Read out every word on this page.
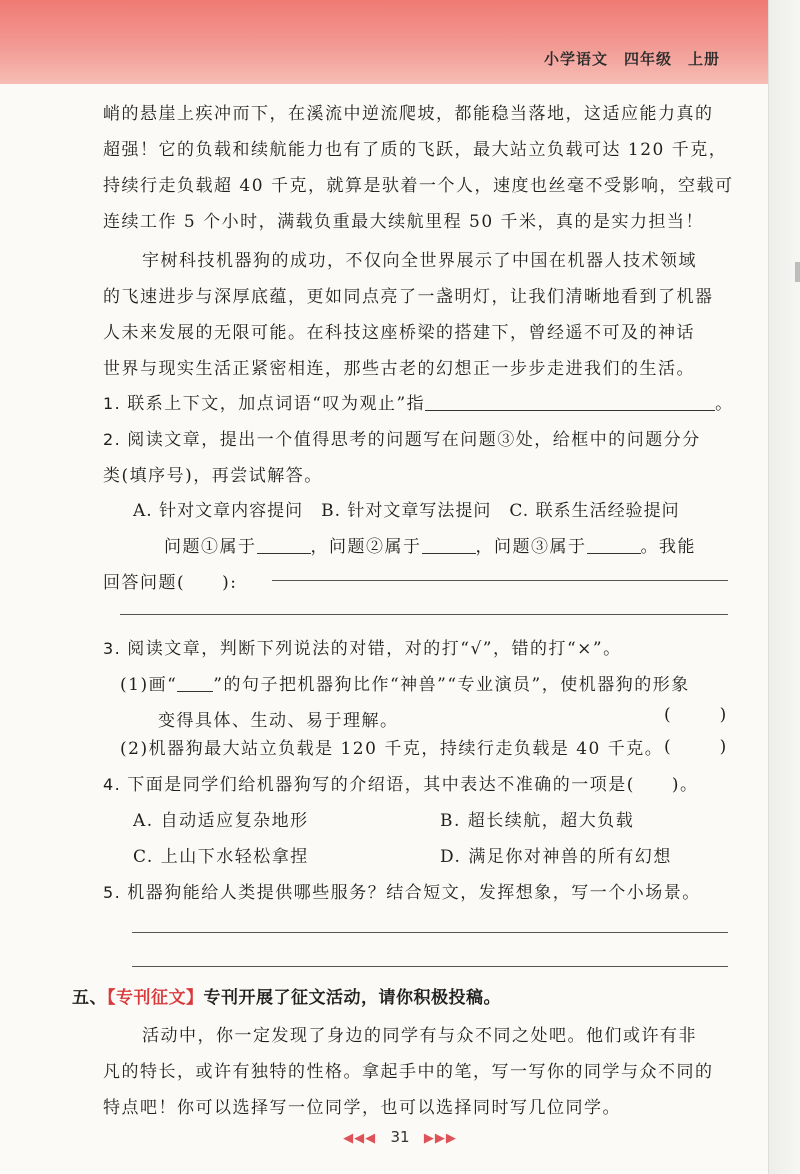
小学语文　四年级　上册
峭的悬崖上疾冲而下，在溪流中逆流爬坡，都能稳当落地，这适应能力真的
超强！它的负载和续航能力也有了质的飞跃，最大站立负载可达 120 千克，
持续行走负载超 40 千克，就算是驮着一个人，速度也丝毫不受影响，空载可
连续工作 5 个小时，满载负重最大续航里程 50 千米，真的是实力担当！
宇树科技机器狗的成功，不仅向全世界展示了中国在机器人技术领域
的飞速进步与深厚底蕴，更如同点亮了一盏明灯，让我们清晰地看到了机器
人未来发展的无限可能。在科技这座桥梁的搭建下，曾经遥不可及的神话
世界与现实生活正紧密相连，那些古老的幻想正一步步走进我们的生活。
1. 联系上下文，加点词语“叹为观止”指	。
2. 阅读文章，提出一个值得思考的问题写在问题③处，给框中的问题分分
类(填序号)，再尝试解答。
A. 针对文章内容提问　B. 针对文章写法提问　C. 联系生活经验提问
问题①属于	，问题②属于	，问题③属于	。我能
回答问题(　　):
3. 阅读文章，判断下列说法的对错，对的打“√”，错的打“×”。
(1)画“ ”的句子把机器狗比作“神兽”“专业演员”，使机器狗的形象
变得具体、生动、易于理解。	(　)
(2)机器狗最大站立负载是 120 千克，持续行走负载是 40 千克。 (　)
4. 下面是同学们给机器狗写的介绍语，其中表达不准确的一项是(　　)。
A. 自动适应复杂地形	B. 超长续航，超大负载
C. 上山下水轻松拿捏	D. 满足你对神兽的所有幻想
5. 机器狗能给人类提供哪些服务？结合短文，发挥想象，写一个小场景。
五、【专刊征文】专刊开展了征文活动，请你积极投稿。
活动中，你一定发现了身边的同学有与众不同之处吧。他们或许有非
凡的特长，或许有独特的性格。拿起手中的笔，写一写你的同学与众不同的
特点吧！你可以选择写一位同学，也可以选择同时写几位同学。
◀◀◀ 31 ▶▶▶
